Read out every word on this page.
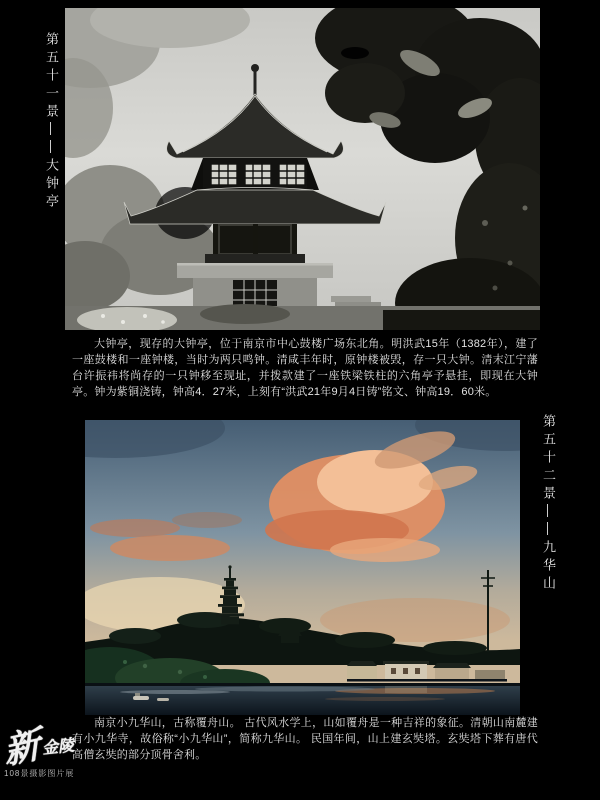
第五十一景——大钟亭

大钟亭，现存的大钟亭，位于南京市中心鼓楼广场东北角。明洪武15年（1382年），建了一座鼓楼和一座钟楼，当时为两只鸣钟。清咸丰年时，原钟楼被毁，存一只大钟。清末江宁藩台许振祎将尚存的一只钟移至现址，并拨款建了一座铁梁铁柱的六角亭予悬挂，即现在大钟亭。钟为紫铜浇铸，钟高4．27米，上刻有“洪武21年9月4日铸”铭文、钟高19．60米。

第五十二景——九华山

南京小九华山，古称覆舟山。 古代风水学上，山如覆舟是一种吉祥的象征。清朝山南麓建有小九华寺，故俗称“小九华山”，简称九华山。 民国年间，山上建玄奘塔。玄奘塔下葬有唐代高僧玄奘的部分顶骨舍利。

新金陵
108景摄影图片展
